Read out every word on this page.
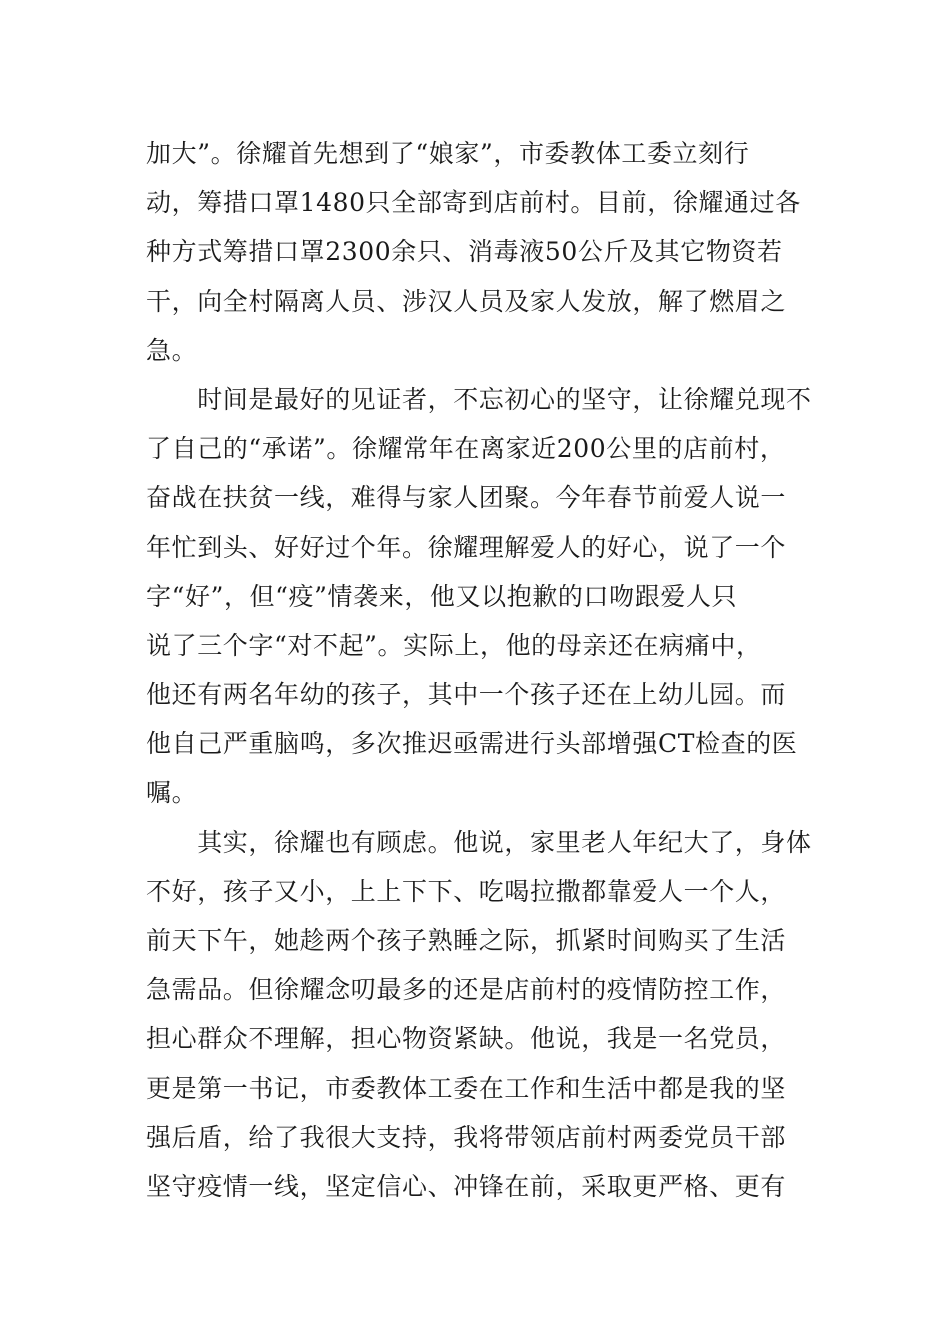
加大”。徐耀首先想到了“娘家”，市委教体工委立刻行
动，筹措口罩1480只全部寄到店前村。目前，徐耀通过各
种方式筹措口罩2300余只、消毒液50公斤及其它物资若
干，向全村隔离人员、涉汉人员及家人发放，解了燃眉之
急。
　　时间是最好的见证者，不忘初心的坚守，让徐耀兑现不
了自己的“承诺”。徐耀常年在离家近200公里的店前村，
奋战在扶贫一线，难得与家人团聚。今年春节前爱人说一
年忙到头、好好过个年。徐耀理解爱人的好心，说了一个
字“好”，但“疫”情袭来，他又以抱歉的口吻跟爱人只
说了三个字“对不起”。实际上，他的母亲还在病痛中，
他还有两名年幼的孩子，其中一个孩子还在上幼儿园。而
他自己严重脑鸣，多次推迟亟需进行头部增强CT检查的医
嘱。
　　其实，徐耀也有顾虑。他说，家里老人年纪大了，身体
不好，孩子又小，上上下下、吃喝拉撒都靠爱人一个人，
前天下午，她趁两个孩子熟睡之际，抓紧时间购买了生活
急需品。但徐耀念叨最多的还是店前村的疫情防控工作，
担心群众不理解，担心物资紧缺。他说，我是一名党员，
更是第一书记，市委教体工委在工作和生活中都是我的坚
强后盾，给了我很大支持，我将带领店前村两委党员干部
坚守疫情一线，坚定信心、冲锋在前，采取更严格、更有
